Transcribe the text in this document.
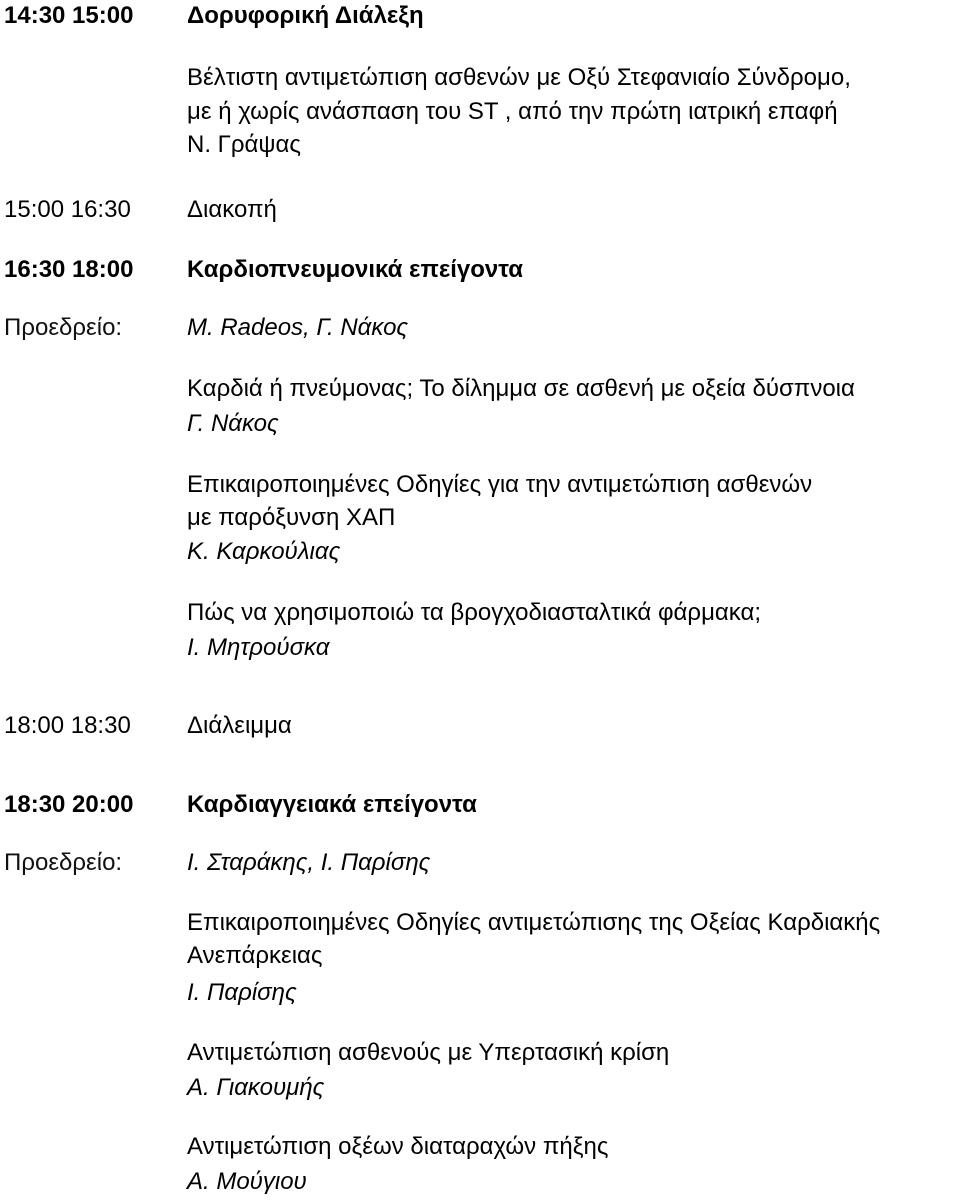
14:30 15:00 Δορυφορική Διάλεξη
Βέλτιστη αντιμετώπιση ασθενών με Οξύ Στεφανιαίο Σύνδρομο,
με ή χωρίς ανάσπαση του ST , από την πρώτη ιατρική επαφή
Ν. Γράψας
15:00 16:30 Διακοπή
16:30 18:00 Καρδιοπνευμονικά επείγοντα
Προεδρείο:	M. Radeos, Γ. Νάκος
Καρδιά ή πνεύμονας; Το δίλημμα σε ασθενή με οξεία δύσπνοια
Γ. Νάκος
Επικαιροποιημένες Οδηγίες για την αντιμετώπιση ασθενών
με παρόξυνση ΧΑΠ
Κ. Καρκούλιας
Πώς να χρησιμοποιώ τα βρογχοδιασταλτικά φάρμακα;
Ι. Μητρούσκα
18:00 18:30 Διάλειμμα
18:30 20:00 Καρδιαγγειακά επείγοντα
Προεδρείο:	Ι. Σταράκης, Ι. Παρίσης
Επικαιροποιημένες Οδηγίες αντιμετώπισης της Οξείας Καρδιακής
Ανεπάρκειας
Ι. Παρίσης
Αντιμετώπιση ασθενούς με Υπερτασική κρίση
Α. Γιακουμής
Αντιμετώπιση οξέων διαταραχών πήξης
Α. Μούγιου
